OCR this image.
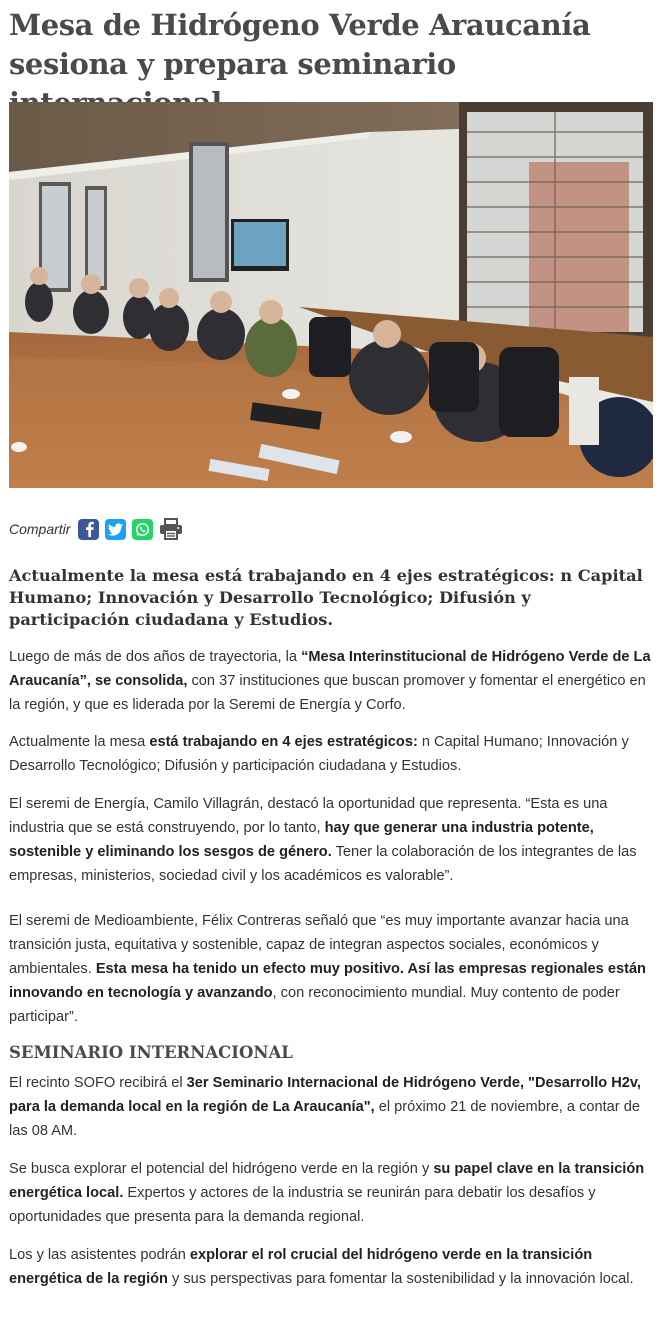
Mesa de Hidrógeno Verde Araucanía
sesiona y prepara seminario
Compartir

Actualmente la mesa está trabajando en 4 ejes estratégicos: n Capital Humano; Innovación y Desarrollo Tecnológico; Difusión y participación ciudadana y Estudios.

Luego de más de dos años de trayectoria, la “Mesa Interinstitucional de Hidrógeno Verde de La Araucanía”, se consolida, con 37 instituciones que buscan promover y fomentar el energético en la región, y que es liderada por la Seremi de Energía y Corfo.

Actualmente la mesa está trabajando en 4 ejes estratégicos: n Capital Humano; Innovación y Desarrollo Tecnológico; Difusión y participación ciudadana y Estudios.

El seremi de Energía, Camilo Villagrán, destacó la oportunidad que representa. “Esta es una industria que se está construyendo, por lo tanto, hay que generar una industria potente, sostenible y eliminando los sesgos de género. Tener la colaboración de los integrantes de las empresas, ministerios, sociedad civil y los académicos es valorable”.

El seremi de Medioambiente, Félix Contreras señaló que “es muy importante avanzar hacia una transición justa, equitativa y sostenible, capaz de integran aspectos sociales, económicos y ambientales. Esta mesa ha tenido un efecto muy positivo. Así las empresas regionales están innovando en tecnología y avanzando, con reconocimiento mundial. Muy contento de poder participar”.

SEMINARIO INTERNACIONAL

El recinto SOFO recibirá el 3er Seminario Internacional de Hidrógeno Verde, "Desarrollo H2v, para la demanda local en la región de La Araucanía", el próximo 21 de noviembre, a contar de las 08 AM.

Se busca explorar el potencial del hidrógeno verde en la región y su papel clave en la transición energética local. Expertos y actores de la industria se reunirán para debatir los desafíos y oportunidades que presenta para la demanda regional.

Los y las asistentes podrán explorar el rol crucial del hidrógeno verde en la transición energética de la región y sus perspectivas para fomentar la sostenibilidad y la innovación local.
